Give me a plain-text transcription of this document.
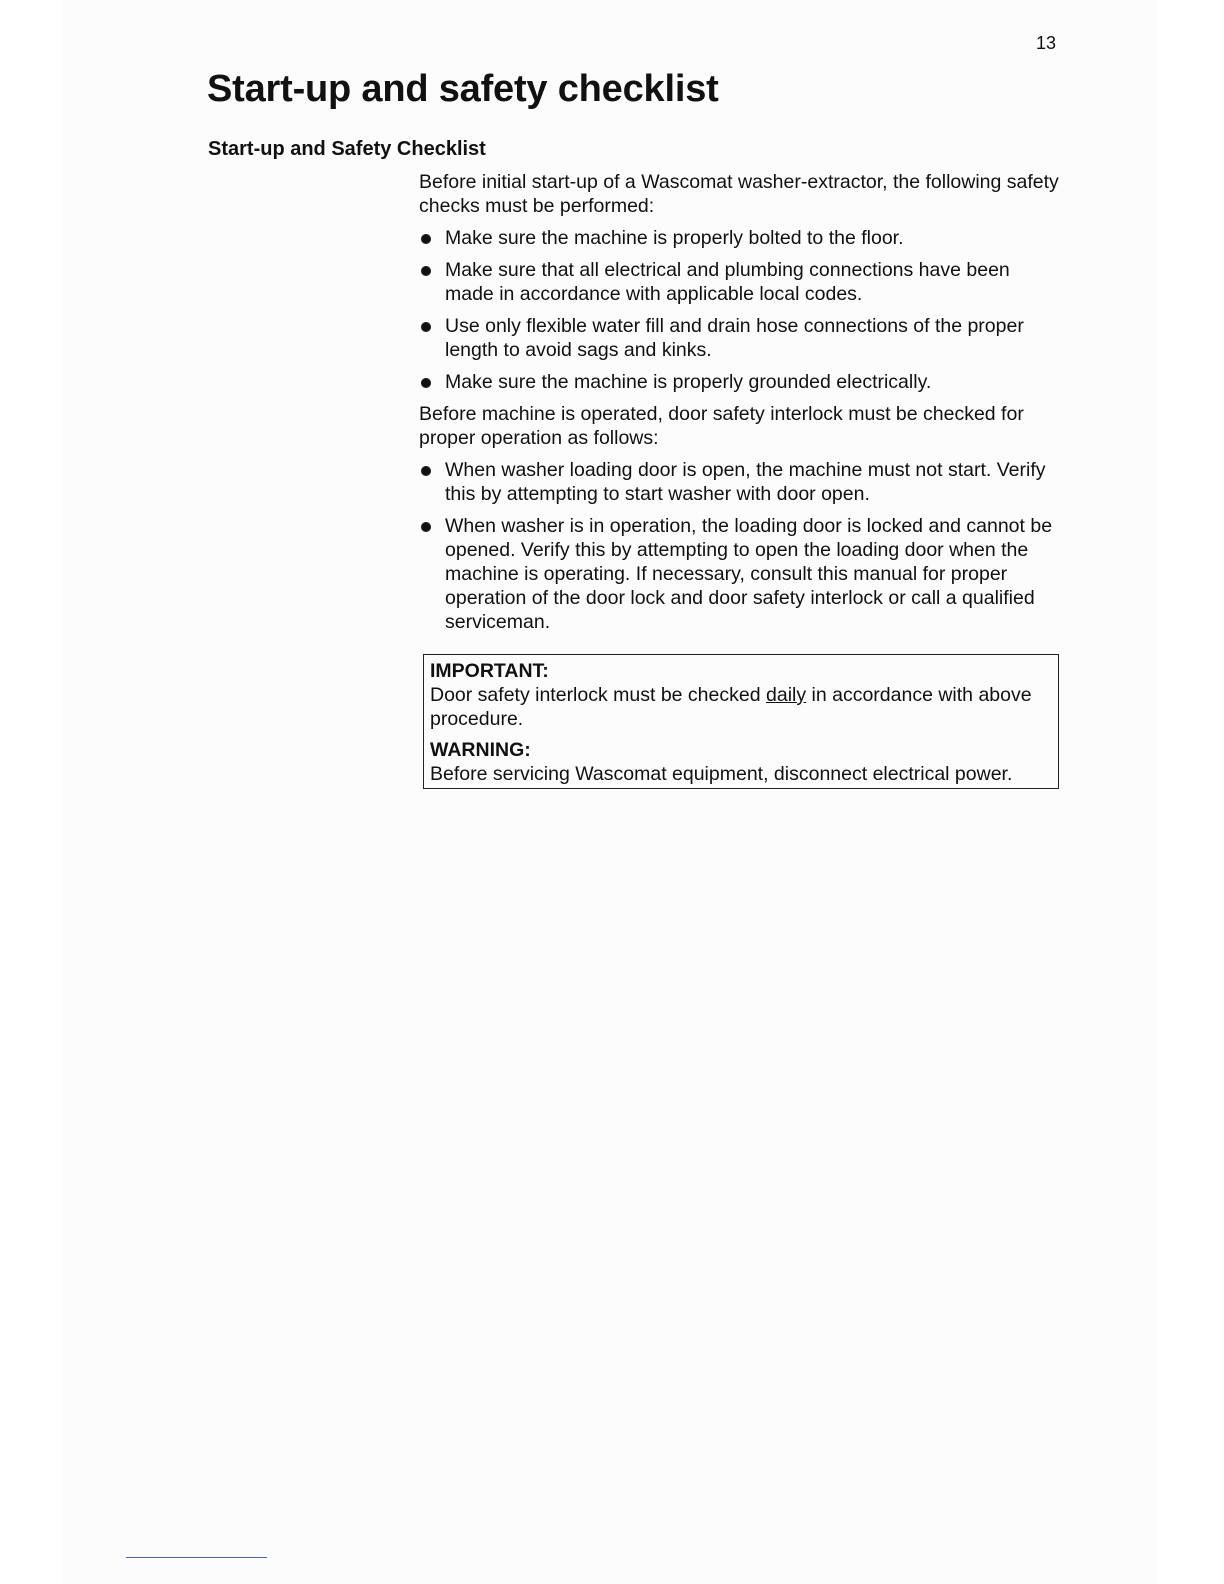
13
Start-up and safety checklist
Start-up and Safety Checklist

Before initial start-up of a Wascomat washer-extractor, the following safety checks must be performed:

Make sure the machine is properly bolted to the floor.
Make sure that all electrical and plumbing connections have been made in accordance with applicable local codes.
Use only flexible water fill and drain hose connections of the proper length to avoid sags and kinks.
Make sure the machine is properly grounded electrically.

Before machine is operated, door safety interlock must be checked for proper operation as follows:

When washer loading door is open, the machine must not start. Verify this by attempting to start washer with door open.
When washer is in operation, the loading door is locked and cannot be opened. Verify this by attempting to open the loading door when the machine is operating. If necessary, consult this manual for proper operation of the door lock and door safety interlock or call a qualified serviceman.

IMPORTANT:

Door safety interlock must be checked daily in accordance with above procedure.

WARNING:

Before servicing Wascomat equipment, disconnect electrical power.
